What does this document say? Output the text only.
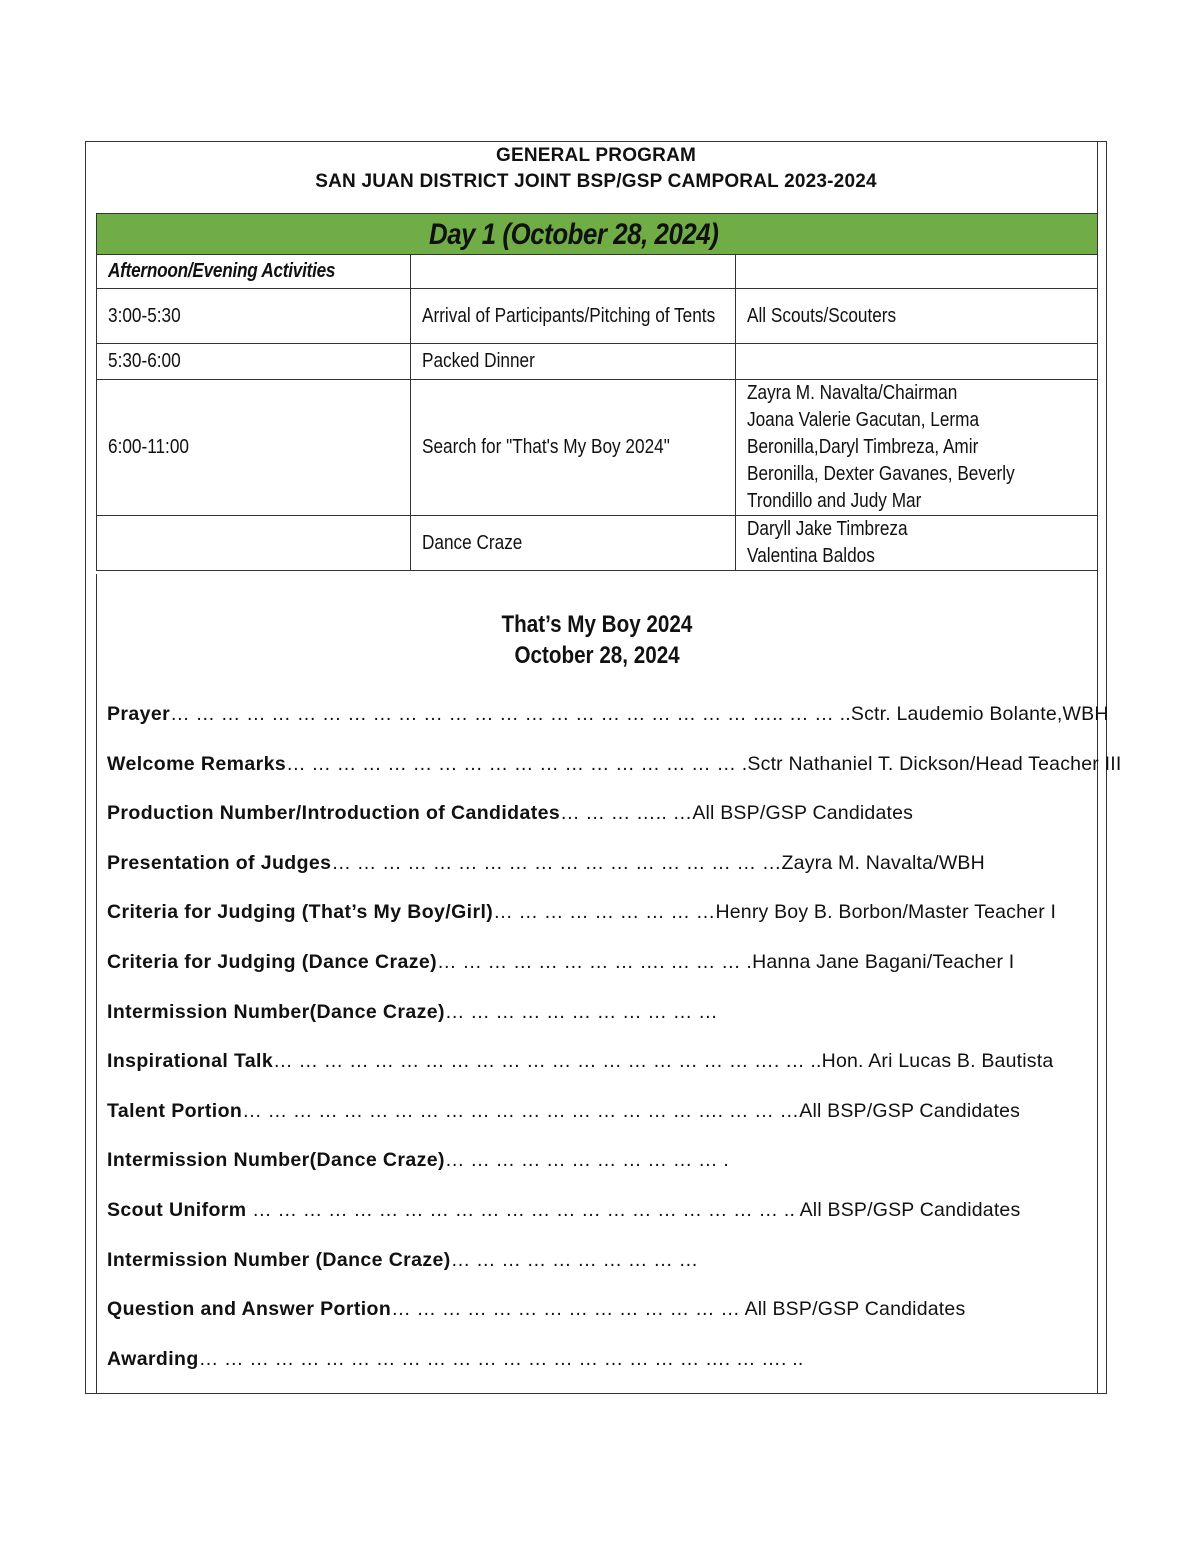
GENERAL PROGRAM
SAN JUAN DISTRICT JOINT BSP/GSP CAMPORAL 2023-2024
Day 1 (October 28, 2024)		
Afternoon/Evening Activities		
3:00-5:30	Arrival of Participants/Pitching of Tents	All Scouts/Scouters
5:30-6:00	Packed Dinner	
6:00-11:00	Search for "That's My Boy 2024"	Zayra M. Navalta/Chairman
Joana Valerie Gacutan, Lerma
Beronilla,Daryl Timbreza, Amir
Beronilla, Dexter Gavanes, Beverly
Trondillo and Judy Mar
	Dance Craze	Daryll Jake Timbreza
Valentina Baldos
That’s My Boy 2024
October 28, 2024
Prayer… … … … … … … … … … … … … … … … … … … … … … … ….. … … ..Sctr. Laudemio Bolante,WBH
Welcome Remarks… … … … … … … … … … … … … … … … … … .Sctr Nathaniel T. Dickson/Head Teacher III
Production Number/Introduction of Candidates… … … ….. …All BSP/GSP Candidates
Presentation of Judges… … … … … … … … … … … … … … … … … …Zayra M. Navalta/WBH
Criteria for Judging (That’s My Boy/Girl)… … … … … … … … …Henry Boy B. Borbon/Master Teacher I
Criteria for Judging (Dance Craze)… … … … … … … … …. … … … .Hanna Jane Bagani/Teacher I
Intermission Number(Dance Craze)… … … … … … … … … … …
Inspirational Talk… … … … … … … … … … … … … … … … … … … …. … ..Hon. Ari Lucas B. Bautista
Talent Portion… … … … … … … … … … … … … … … … … … …. … … …All BSP/GSP Candidates
Intermission Number(Dance Craze)… … … … … … … … … … … .
Scout Uniform … … … … … … … … … … … … … … … … … … … … … .. All BSP/GSP Candidates
Intermission Number (Dance Craze)… … … … … … … … … …
Question and Answer Portion… … … … … … … … … … … … … … All BSP/GSP Candidates
Awarding… … … … … … … … … … … … … … … … … … … … …. … …. ..
